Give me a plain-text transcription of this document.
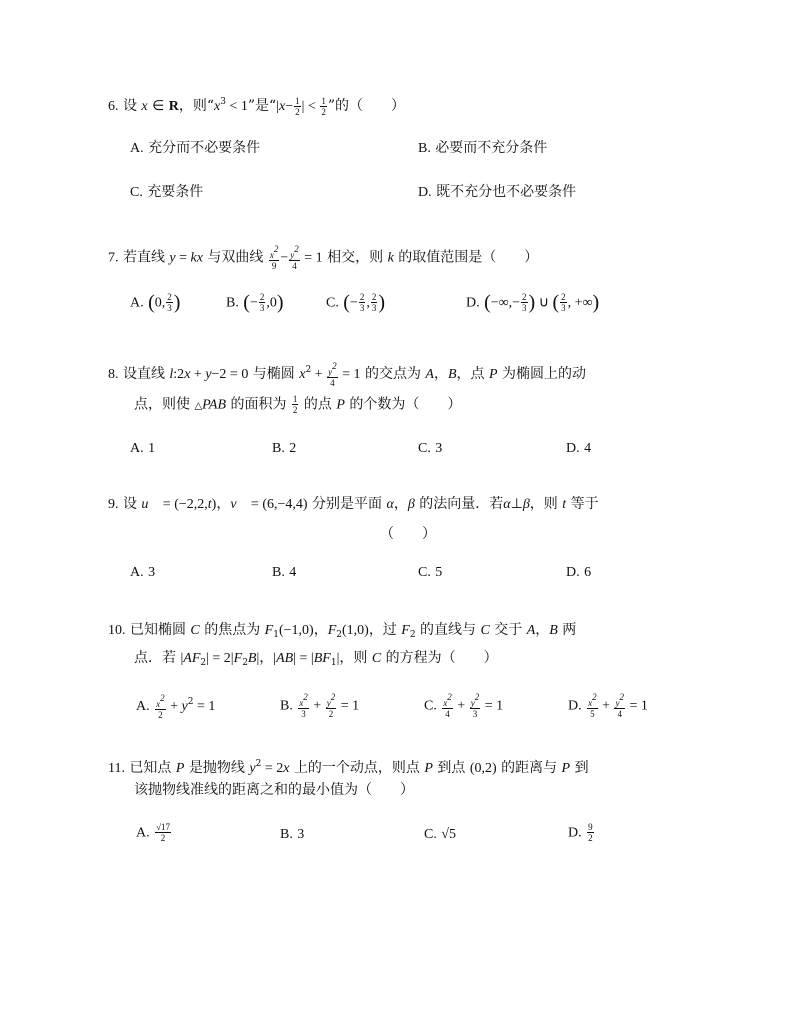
6. 设 x ∈ R，则“$x^3 < 1$”是“$|x- \frac{1}{2}$ | < $\frac{1}{2}$ ”的（　　）
A. 充分而不必要条件	B. 必要而不充分条件
C. 充要条件	D. 既不充分也不必要条件
7. 若直线 y = kx 与双曲线 $\frac{x^2}{9} - \frac{y^2}{4} = 1$ 相交，则 k 的取值范围是（　　）
A. (0, $\frac{2}{3}$ )	B. (− $\frac{2}{3} ,0$)	C. (− $\frac{2}{3}$ , $\frac{2}{3}$ )	D. (−∞,− $\frac{2}{3}$ ) ∪ ( $\frac{2}{3}$ , +∞)
8. 设直线 l:2x + y−2 = 0 与椭圆 $x^2 + \frac{y^2}{4} = 1$ 的交点为 A，B，点 P 为椭圆上的动
点，则使 △PAB 的面积为 $\frac{1}{2}$ 的点 P 的个数为（　　）
A. 1	B. 2	C. 3	D. 4
9. 设 u⃗ = (−2,2,t)，v⃗ = (6,−4,4) 分别是平面 α，β 的法向量．若α⊥β，则 t 等于
（　　）
A. 3	B. 4	C. 5	D. 6
10. 已知椭圆 C 的焦点为 $F_1(-1,0)$，$F_2(1,0)$，过 $F_2$ 的直线与 C 交于 A，B 两
点．若 $|AF_2| = 2|F_2B|$，$|AB| = |BF_1|$，则 C 的方程为（　　）
A. $\frac{x^2}{2} + y^2 = 1$	B. $\frac{x^2}{3} + \frac{y^2}{2} = 1$	C. $\frac{x^2}{4} + \frac{y^2}{3} = 1$	D. $\frac{x^2}{5} + \frac{y^2}{4} = 1$
11. 已知点 P 是抛物线 $y^2 = 2x$ 上的一个动点，则点 P 到点 (0,2) 的距离与 P 到
该抛物线准线的距离之和的最小值为（　　）
A. $\frac{√17}{2}$	B. 3	C. √5	D. $\frac{9}{2}$
